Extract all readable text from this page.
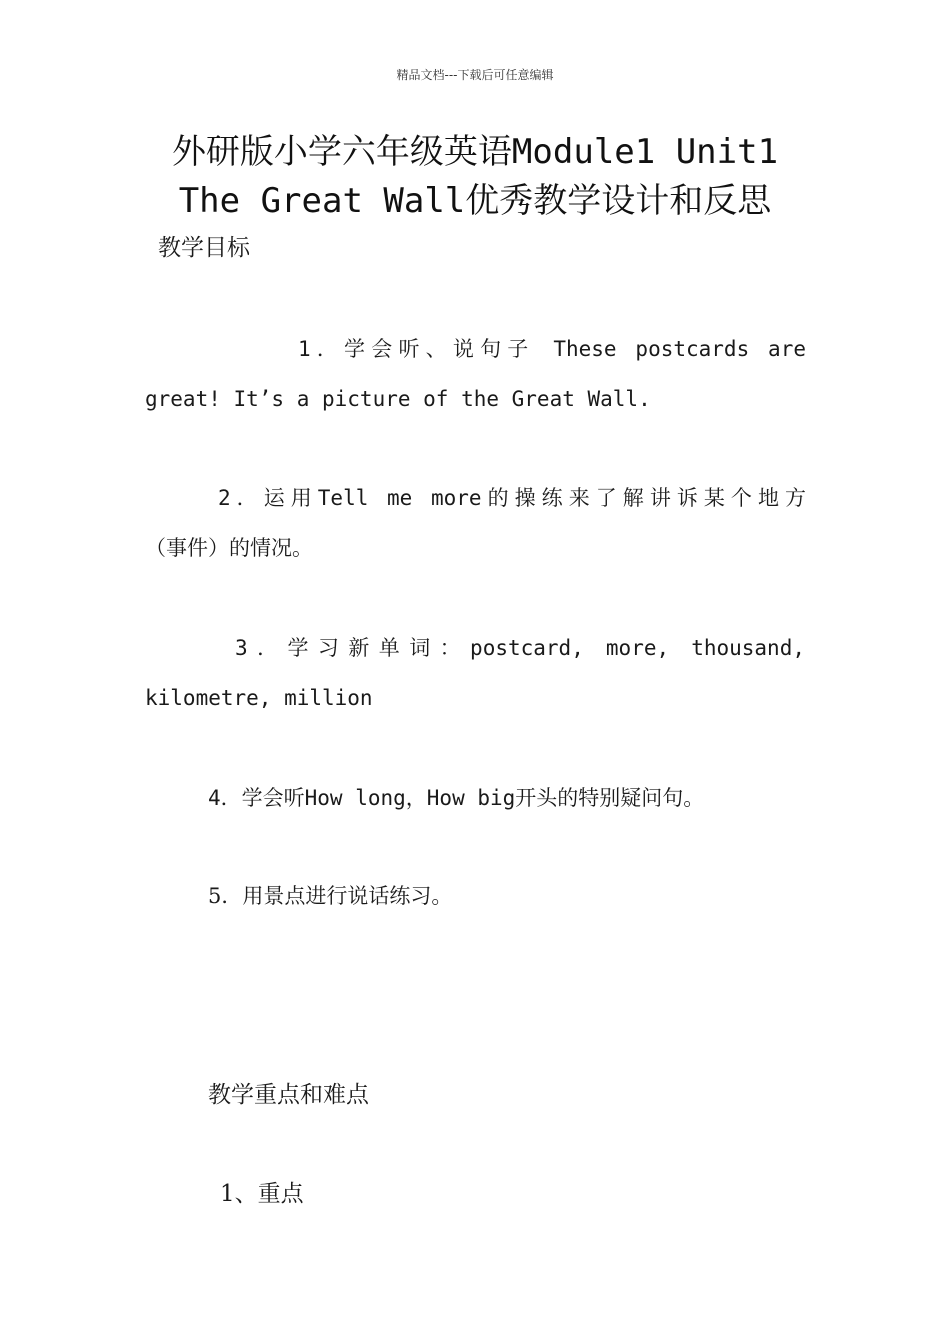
精品文档---下载后可任意编辑
外研版小学六年级英语Module1 Unit1
The Great Wall优秀教学设计和反思
教学目标
1．学会听、说句子 These postcards are
great! It’s a picture of the Great Wall.
2．运用Tell me more的操练来了解讲诉某个地方
（事件）的情况。
3．学习新单词：postcard, more, thousand,
kilometre, million
4．学会听How long，How big开头的特别疑问句。
5．用景点进行说话练习。
教学重点和难点
1、重点
